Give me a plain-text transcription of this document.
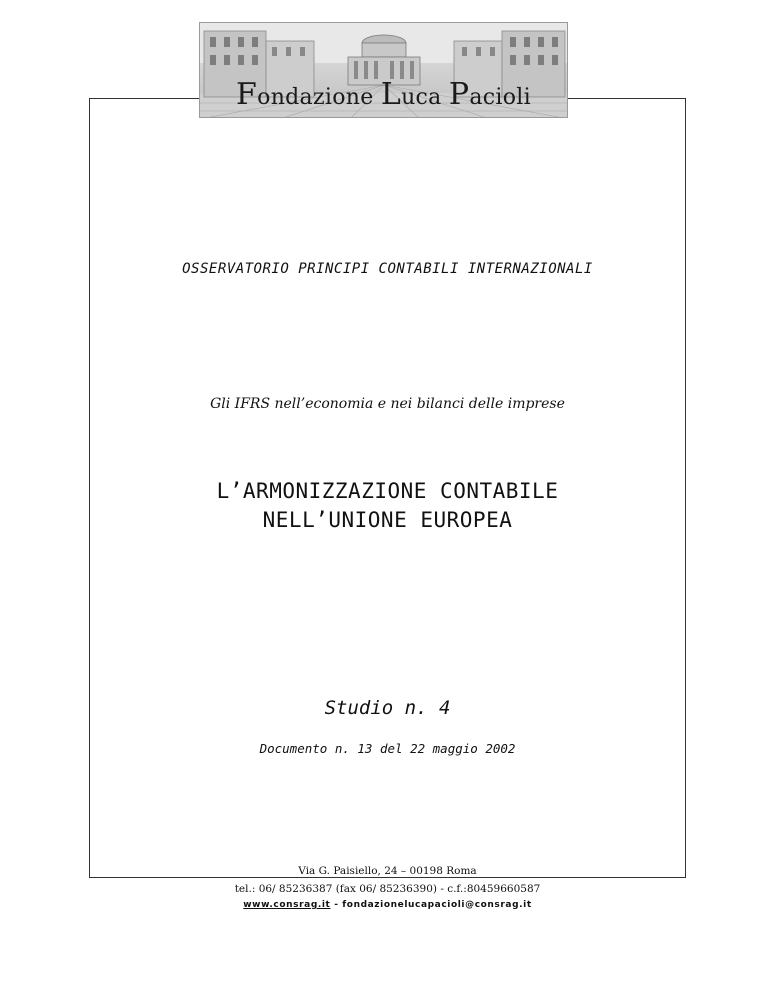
Fondazione Luca Pacioli
OSSERVATORIO PRINCIPI CONTABILI INTERNAZIONALI
Gli IFRS nell’economia e nei bilanci delle imprese
L’ARMONIZZAZIONE CONTABILE
NELL’UNIONE EUROPEA
Studio n. 4
Documento n. 13 del 22 maggio 2002
Via G. Paisiello, 24 – 00198 Roma
tel.: 06/ 85236387 (fax 06/ 85236390) - c.f.:80459660587
www.consrag.it - fondazionelucapacioli@consrag.it
